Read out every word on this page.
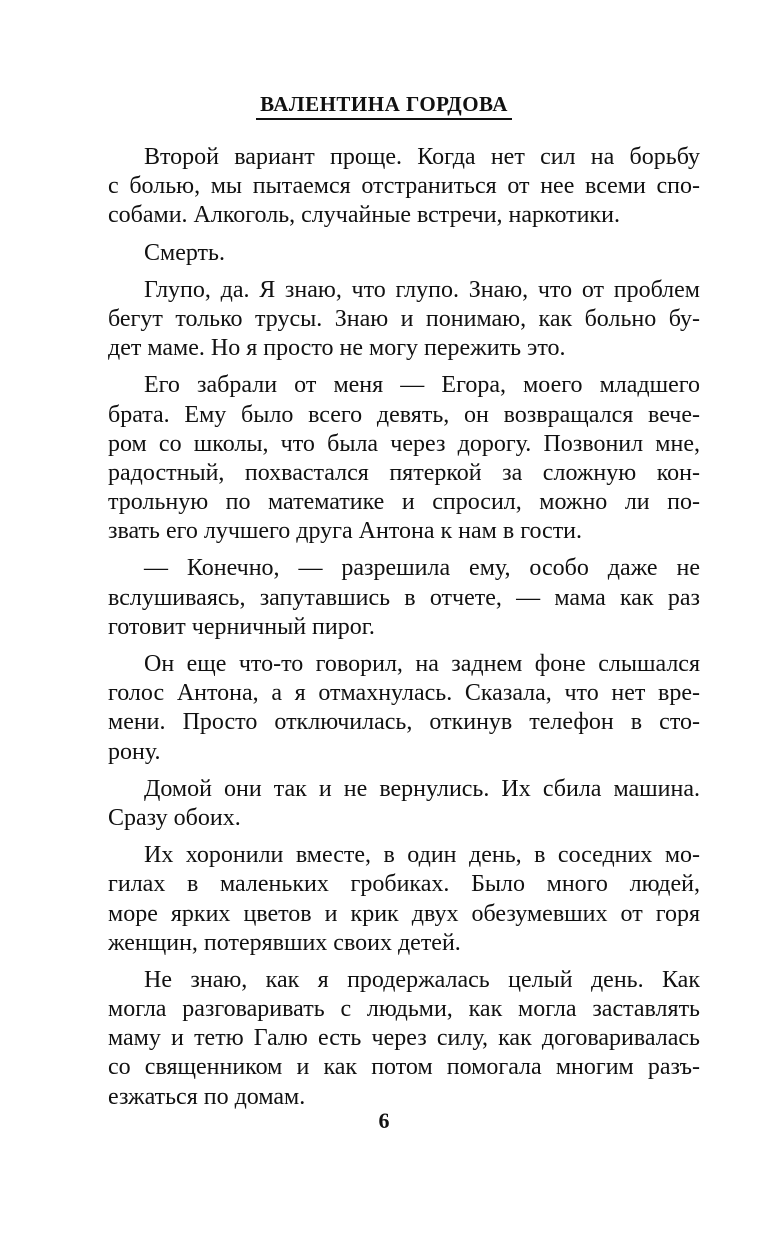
ВАЛЕНТИНА ГОРДОВА
Второй вариант проще. Когда нет сил на борьбу
с болью, мы пытаемся отстраниться от нее всеми спо-
собами. Алкоголь, случайные встречи, наркотики.
Смерть.
Глупо, да. Я знаю, что глупо. Знаю, что от проблем
бегут только трусы. Знаю и понимаю, как больно бу-
дет маме. Но я просто не могу пережить это.
Его забрали от меня — Егора, моего младшего
брата. Ему было всего девять, он возвращался вече-
ром со школы, что была через дорогу. Позвонил мне,
радостный, похвастался пятеркой за сложную кон-
трольную по математике и спросил, можно ли по-
звать его лучшего друга Антона к нам в гости.
— Конечно, — разрешила ему, особо даже не
вслушиваясь, запутавшись в отчете, — мама как раз
готовит черничный пирог.
Он еще что-то говорил, на заднем фоне слышался
голос Антона, а я отмахнулась. Сказала, что нет вре-
мени. Просто отключилась, откинув телефон в сто-
рону.
Домой они так и не вернулись. Их сбила машина.
Сразу обоих.
Их хоронили вместе, в один день, в соседних мо-
гилах в маленьких гробиках. Было много людей,
море ярких цветов и крик двух обезумевших от горя
женщин, потерявших своих детей.
Не знаю, как я продержалась целый день. Как
могла разговаривать с людьми, как могла заставлять
маму и тетю Галю есть через силу, как договаривалась
со священником и как потом помогала многим разъ-
езжаться по домам.
6
